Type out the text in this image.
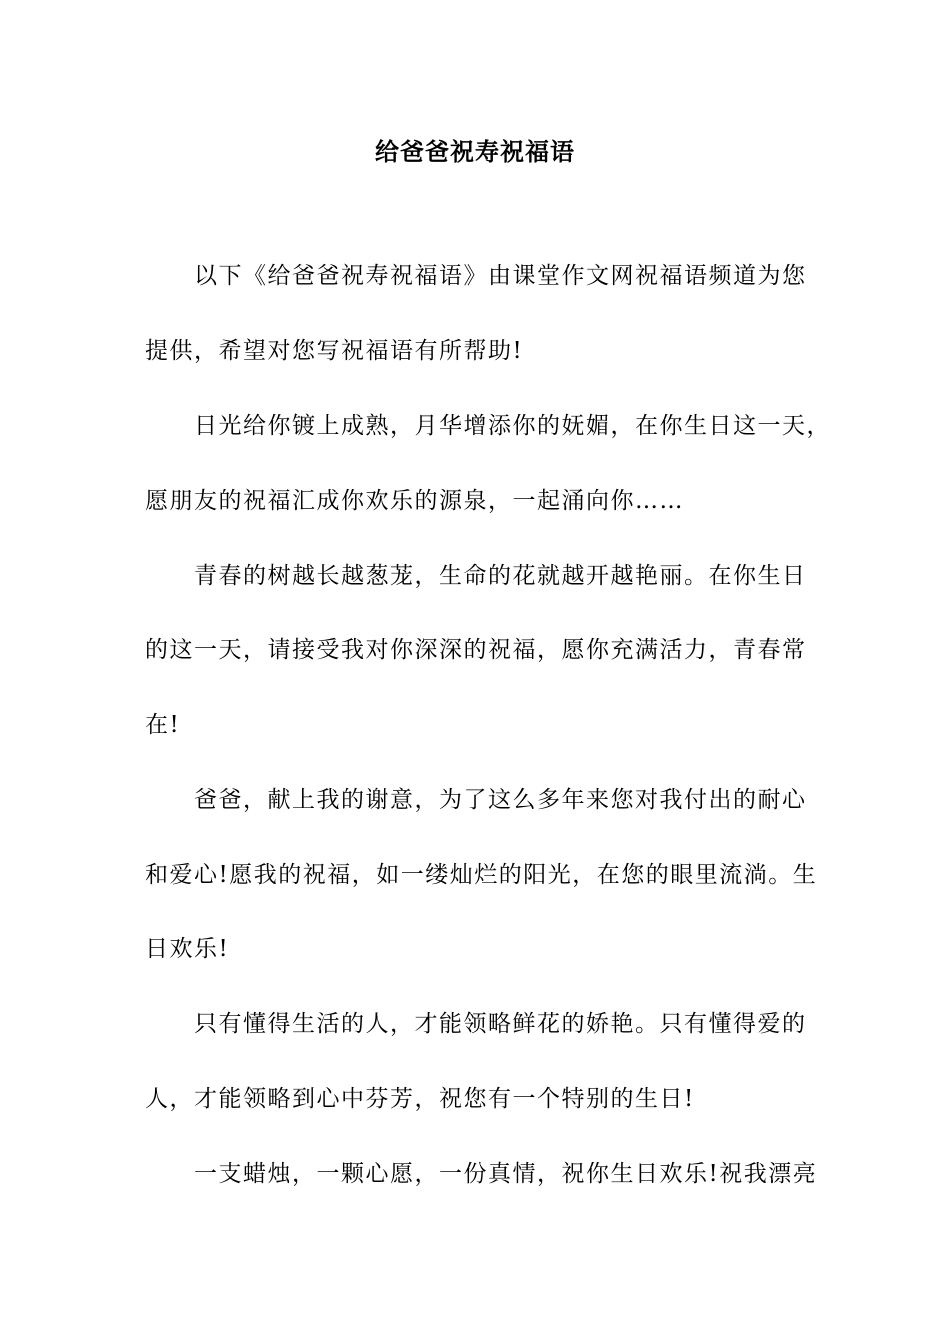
给爸爸祝寿祝福语
以下《给爸爸祝寿祝福语》由课堂作文网祝福语频道为您
提供，希望对您写祝福语有所帮助!
日光给你镀上成熟，月华增添你的妩媚，在你生日这一天，
愿朋友的祝福汇成你欢乐的源泉，一起涌向你……
青春的树越长越葱茏，生命的花就越开越艳丽。在你生日
的这一天，请接受我对你深深的祝福，愿你充满活力，青春常
在!
爸爸，献上我的谢意，为了这么多年来您对我付出的耐心
和爱心!愿我的祝福，如一缕灿烂的阳光，在您的眼里流淌。生
日欢乐!
只有懂得生活的人，才能领略鲜花的娇艳。只有懂得爱的
人，才能领略到心中芬芳，祝您有一个特别的生日!
一支蜡烛，一颗心愿，一份真情，祝你生日欢乐!祝我漂亮
